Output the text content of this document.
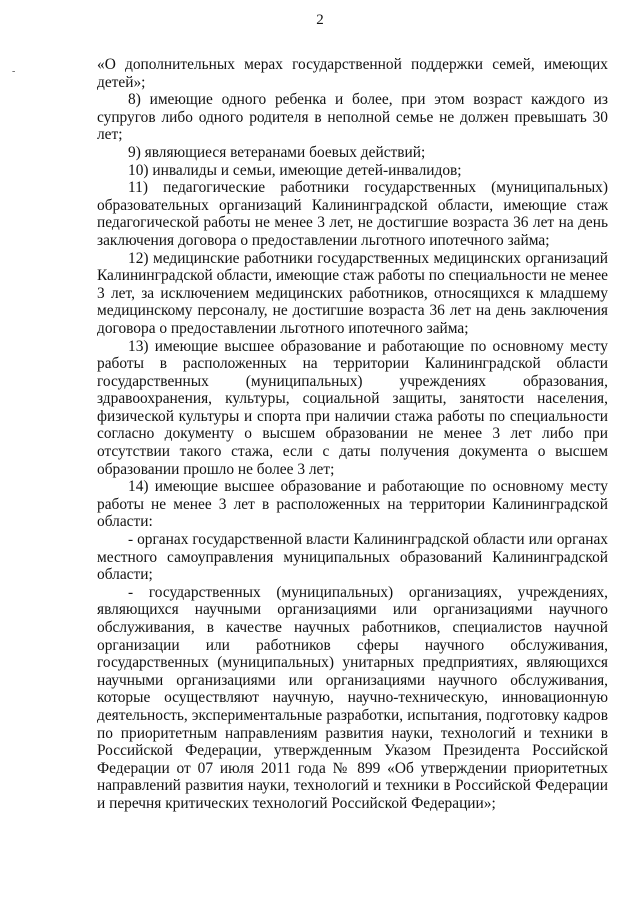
2
-	«О дополнительных мерах государственной поддержки семей, имеющих детей»;

8) имеющие одного ребенка и более, при этом возраст каждого из супругов либо одного родителя в неполной семье не должен превышать 30 лет;

9) являющиеся ветеранами боевых действий;

10) инвалиды и семьи, имеющие детей-инвалидов;

11) педагогические работники государственных (муниципальных) образовательных организаций Калининградской области, имеющие стаж педагогической работы не менее 3 лет, не достигшие возраста 36 лет на день заключения договора о предоставлении льготного ипотечного займа;

12) медицинские работники государственных медицинских организаций Калининградской области, имеющие стаж работы по специальности не менее 3 лет, за исключением медицинских работников, относящихся к младшему медицинскому персоналу, не достигшие возраста 36 лет на день заключения договора о предоставлении льготного ипотечного займа;

13) имеющие высшее образование и работающие по основному месту работы в расположенных на территории Калининградской области государственных (муниципальных) учреждениях образования, здравоохранения, культуры, социальной защиты, занятости населения, физической культуры и спорта при наличии стажа работы по специальности согласно документу о высшем образовании не менее 3 лет либо при отсутствии такого стажа, если с даты получения документа о высшем образовании прошло не более 3 лет;

14) имеющие высшее образование и работающие по основному месту работы не менее 3 лет в расположенных на территории Калининградской области:

- органах государственной власти Калининградской области или органах местного самоуправления муниципальных образований Калининградской области;

- государственных (муниципальных) организациях, учреждениях, являющихся научными организациями или организациями научного обслуживания, в качестве научных работников, специалистов научной организации или работников сферы научного обслуживания, государственных (муниципальных) унитарных предприятиях, являющихся научными организациями или организациями научного обслуживания, которые осуществляют научную, научно-техническую, инновационную деятельность, экспериментальные разработки, испытания, подготовку кадров по приоритетным направлениям развития науки, технологий и техники в Российской Федерации, утвержденным Указом Президента Российской Федерации от 07 июля 2011 года № 899 «Об утверждении приоритетных направлений развития науки, технологий и техники в Российской Федерации и перечня критических технологий Российской Федерации»;
